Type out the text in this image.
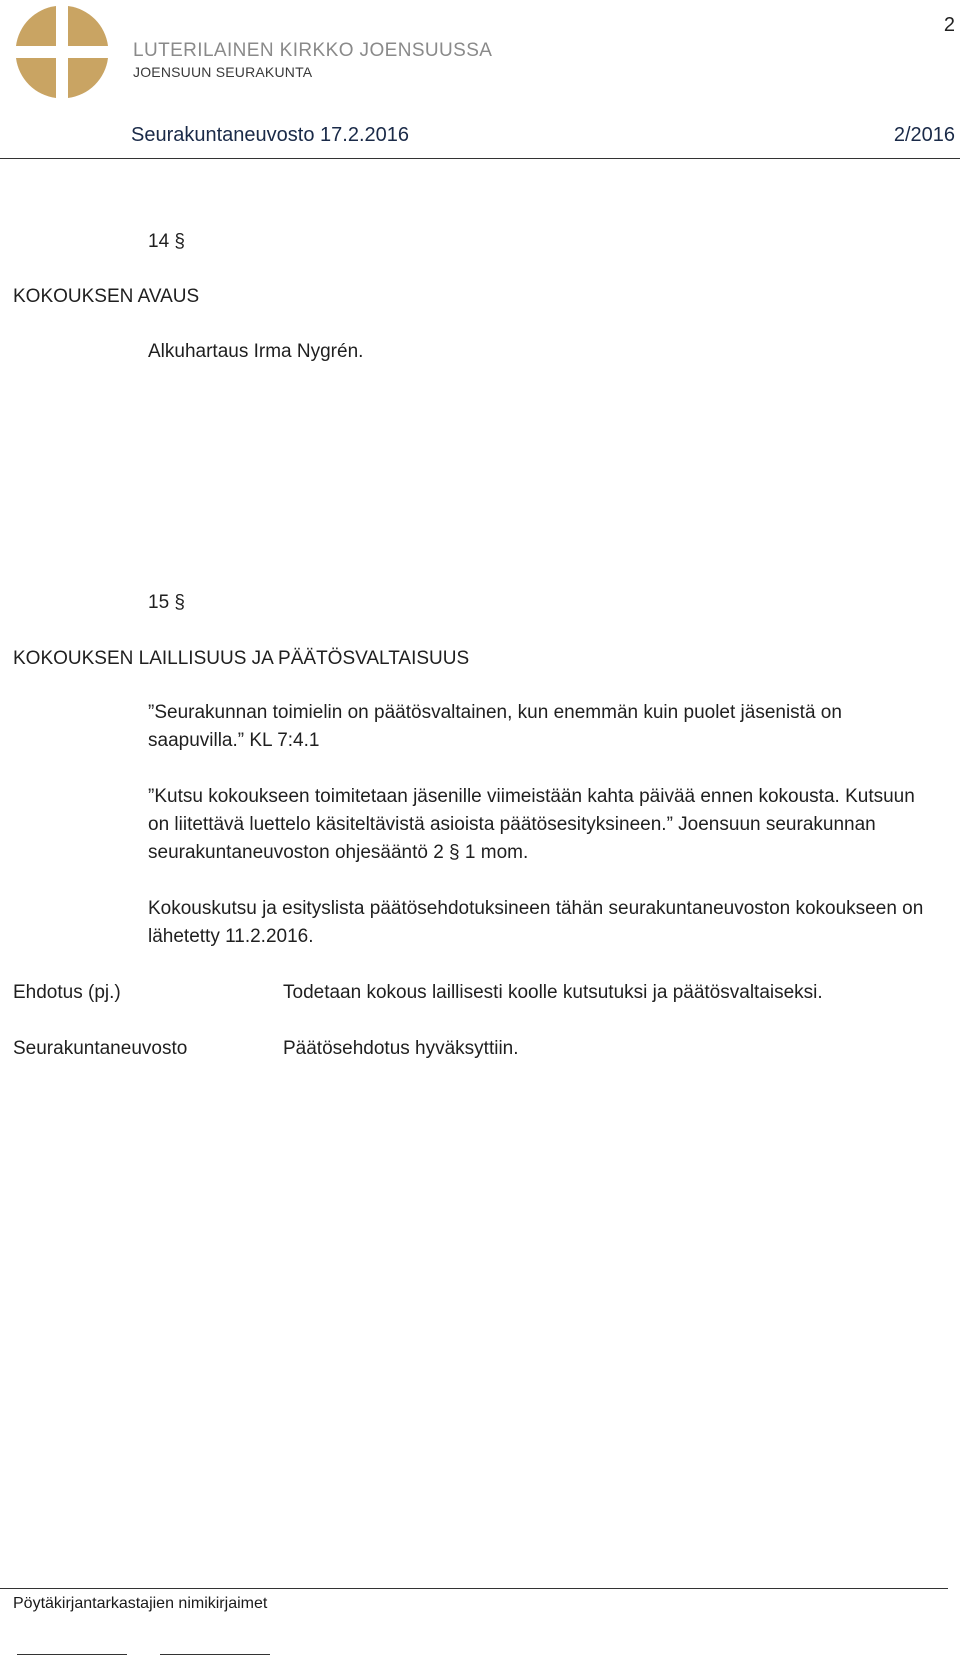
LUTERILAINEN KIRKKO JOENSUUSSA
JOENSUUN SEURAKUNTA
2
Seurakuntaneuvosto 17.2.2016	2/2016
14 §
KOKOUKSEN AVAUS
Alkuhartaus Irma Nygrén.
15 §
KOKOUKSEN LAILLISUUS JA PÄÄTÖSVALTAISUUS
”Seurakunnan toimielin on päätösvaltainen, kun enemmän kuin puolet jäsenistä on saapuvilla.” KL 7:4.1
”Kutsu kokoukseen toimitetaan jäsenille viimeistään kahta päivää ennen kokousta. Kutsuun on liitettävä luettelo käsiteltävistä asioista päätösesityksineen.” Joensuun seurakunnan seurakuntaneuvoston ohjesääntö 2 § 1 mom.
Kokouskutsu ja esityslista päätösehdotuksineen tähän seurakuntaneuvoston kokoukseen on lähetetty 11.2.2016.
Ehdotus (pj.)	Todetaan kokous laillisesti koolle kutsutuksi ja päätösvaltaiseksi.
Seurakuntaneuvosto	Päätösehdotus hyväksyttiin.
Pöytäkirjantarkastajien nimikirjaimet
